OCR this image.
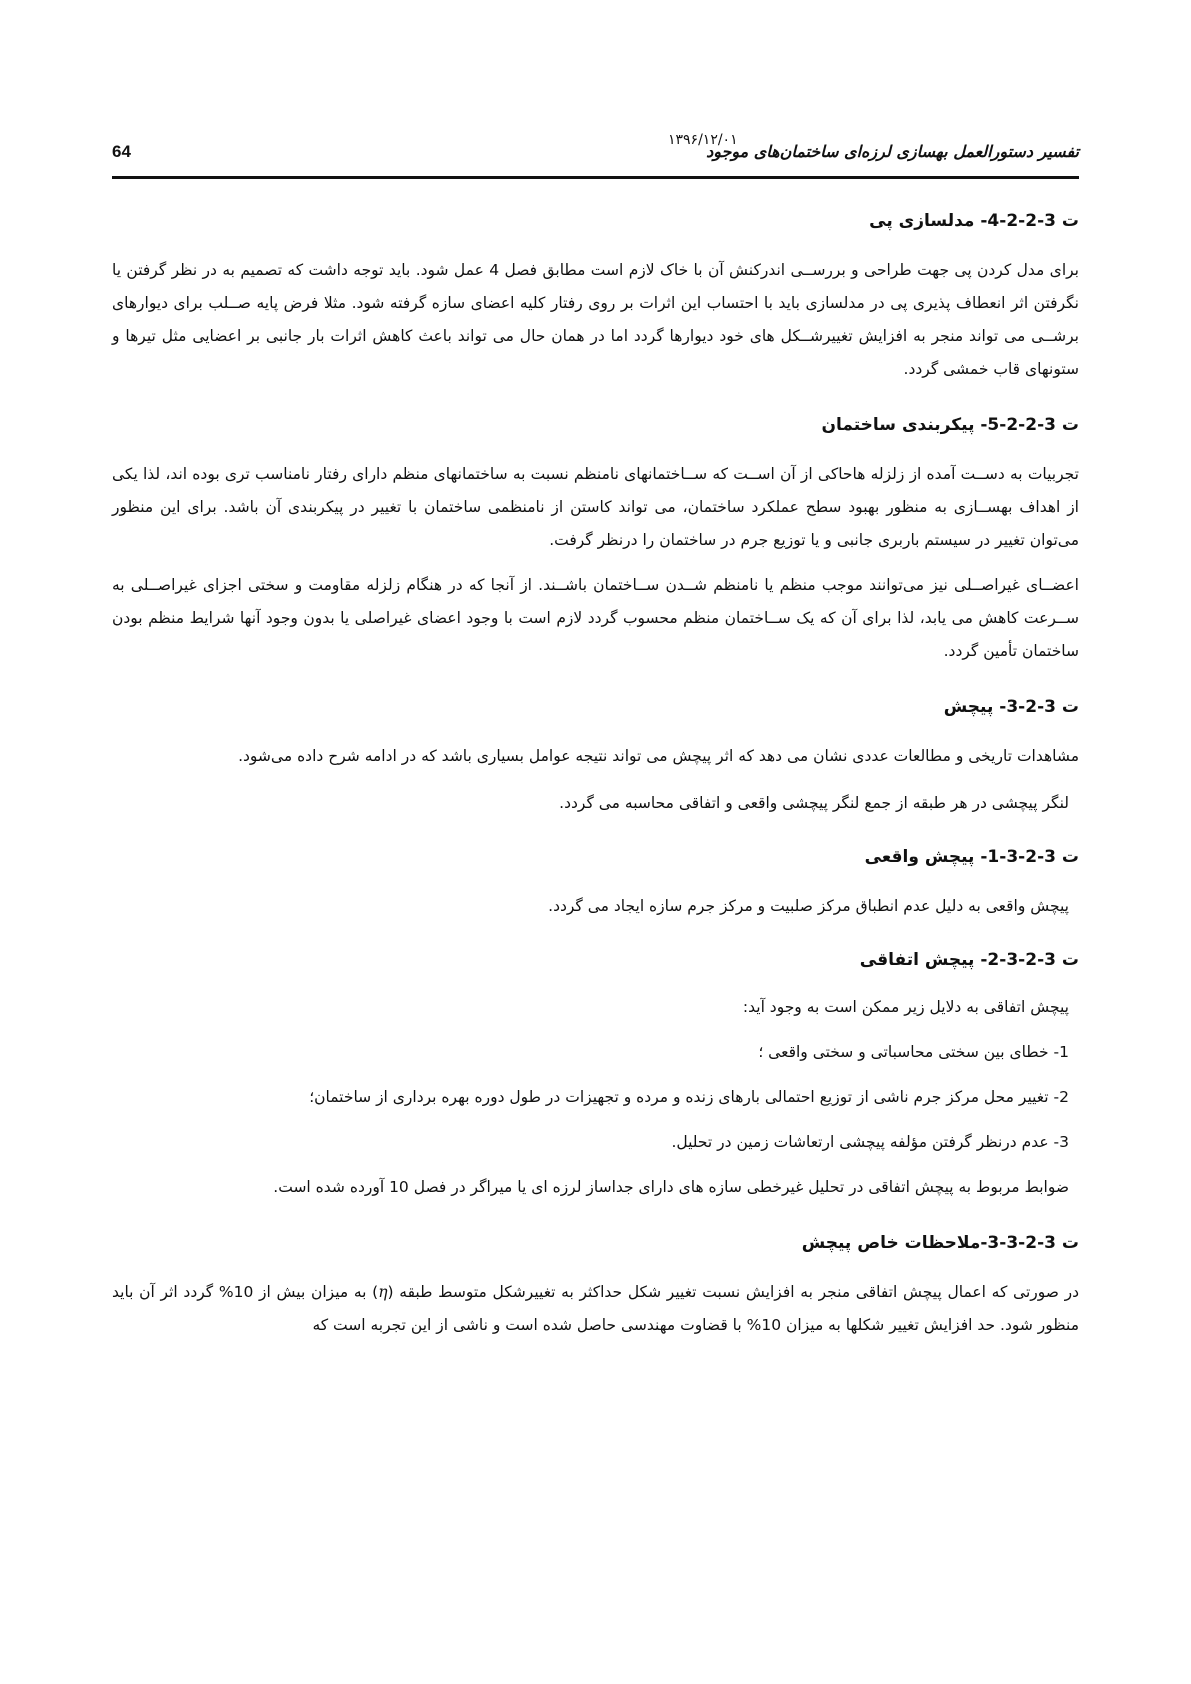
64
۱۳۹۶/۱۲/۰۱
تفسیر دستورالعمل بهسازی لرزه‌ای ساختمان‌های موجود
ت 3-2-2-4- مدلسازی پی

برای مدل کردن پی جهت طراحی و بررســی اندرکنش آن با خاک لازم است مطابق فصل 4 عمل شود. باید توجه داشت که تصمیم به در نظر گرفتن یا نگرفتن اثر انعطاف پذیری پی در مدلسازی باید با احتساب این اثرات بر روی رفتار کلیه اعضای سازه گرفته شود. مثلا فرض پایه صــلب برای دیوارهای برشــی می تواند منجر به افزایش تغییرشــکل های خود دیوارها گردد اما در همان حال می تواند باعث کاهش اثرات بار جانبی بر اعضایی مثل تیرها و ستونهای قاب خمشی گردد.

ت 3-2-2-5- پیکربندی ساختمان

تجربیات به دســت آمده از زلزله هاحاکی از آن اســت که ســاختمانهای نامنظم نسبت به ساختمانهای منظم دارای رفتار نامناسب تری بوده اند، لذا یکی از اهداف بهســازی به منظور بهبود سطح عملکرد ساختمان، می تواند کاستن از نامنظمی ساختمان با تغییر در پیکربندی آن باشد. برای این منظور می‌توان تغییر در سیستم باربری جانبی و یا توزیع جرم در ساختمان را درنظر گرفت.

اعضــای غیراصــلی نیز می‌توانند موجب منظم یا نامنظم شــدن ســاختمان باشــند. از آنجا که در هنگام زلزله مقاومت و سختی اجزای غیراصــلی به ســرعت کاهش می یابد، لذا برای آن که یک ســاختمان منظم محسوب گردد لازم است با وجود اعضای غیراصلی یا بدون وجود آنها شرایط منظم بودن ساختمان تأمین گردد.

ت 3-2-3- پیچش

مشاهدات تاریخی و مطالعات عددی نشان می دهد که اثر پیچش می تواند نتیجه عوامل بسیاری باشد که در ادامه شرح داده می‌شود.

لنگر پیچشی در هر طبقه از جمع لنگر پیچشی واقعی و اتفاقی محاسبه می گردد.

ت 3-2-3-1- پیچش واقعی

پیچش واقعی به دلیل عدم انطباق مرکز صلبیت و مرکز جرم سازه ایجاد می گردد.

ت 3-2-3-2- پیچش اتفاقی

پیچش اتفاقی به دلایل زیر ممکن است به وجود آید:

1- خطای بین سختی محاسباتی و سختی واقعی ؛

2- تغییر محل مرکز جرم ناشی از توزیع احتمالی بارهای زنده و مرده و تجهیزات در طول دوره بهره برداری از ساختمان؛

3- عدم درنظر گرفتن مؤلفه پیچشی ارتعاشات زمین در تحلیل.

ضوابط مربوط به پیچش اتفاقی در تحلیل غیرخطی سازه های دارای جداساز لرزه ای یا میراگر در فصل 10 آورده شده است.

ت 3-2-3-3-ملاحظات خاص پیچش

در صورتی که اعمال پیچش اتفاقی منجر به افزایش نسبت تغییر شکل حداکثر به تغییرشکل متوسط طبقه (η) به میزان بیش از 10% گردد اثر آن باید منظور شود. حد افزایش تغییر شکلها به میزان 10% با قضاوت مهندسی حاصل شده است و ناشی از این تجربه است که
